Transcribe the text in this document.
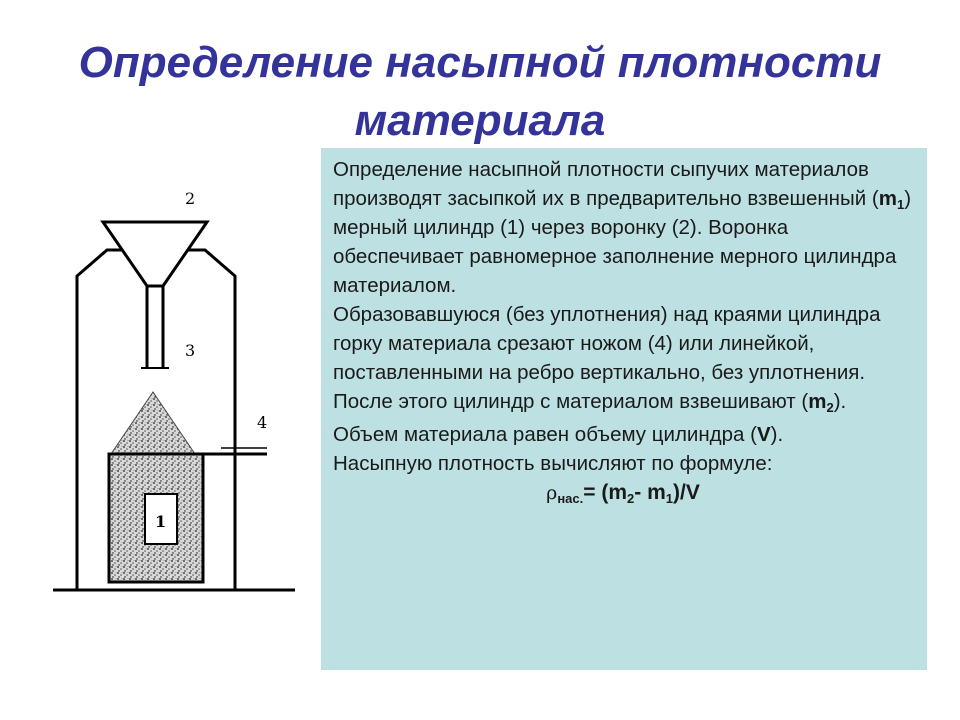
Определение насыпной плотности материала
2
3
4
1

Определение насыпной плотности сыпучих материалов производят засыпкой их в предварительно взвешенный $(m_1)$ мерный цилиндр (1) через воронку (2). Воронка обеспечивает равномерное заполнение мерного цилиндра материалом.

Образовавшуюся (без уплотнения) над краями цилиндра горку материала срезают ножом (4) или линейкой, поставленными на ребро вертикально, без уплотнения.

После этого цилиндр с материалом взвешивают $(m_2)$.

Объем материала равен объему цилиндра (V).

Насыпную плотность вычисляют по формуле:

$\rho_{нас.}= (m_2-$ $m_1)/V$
